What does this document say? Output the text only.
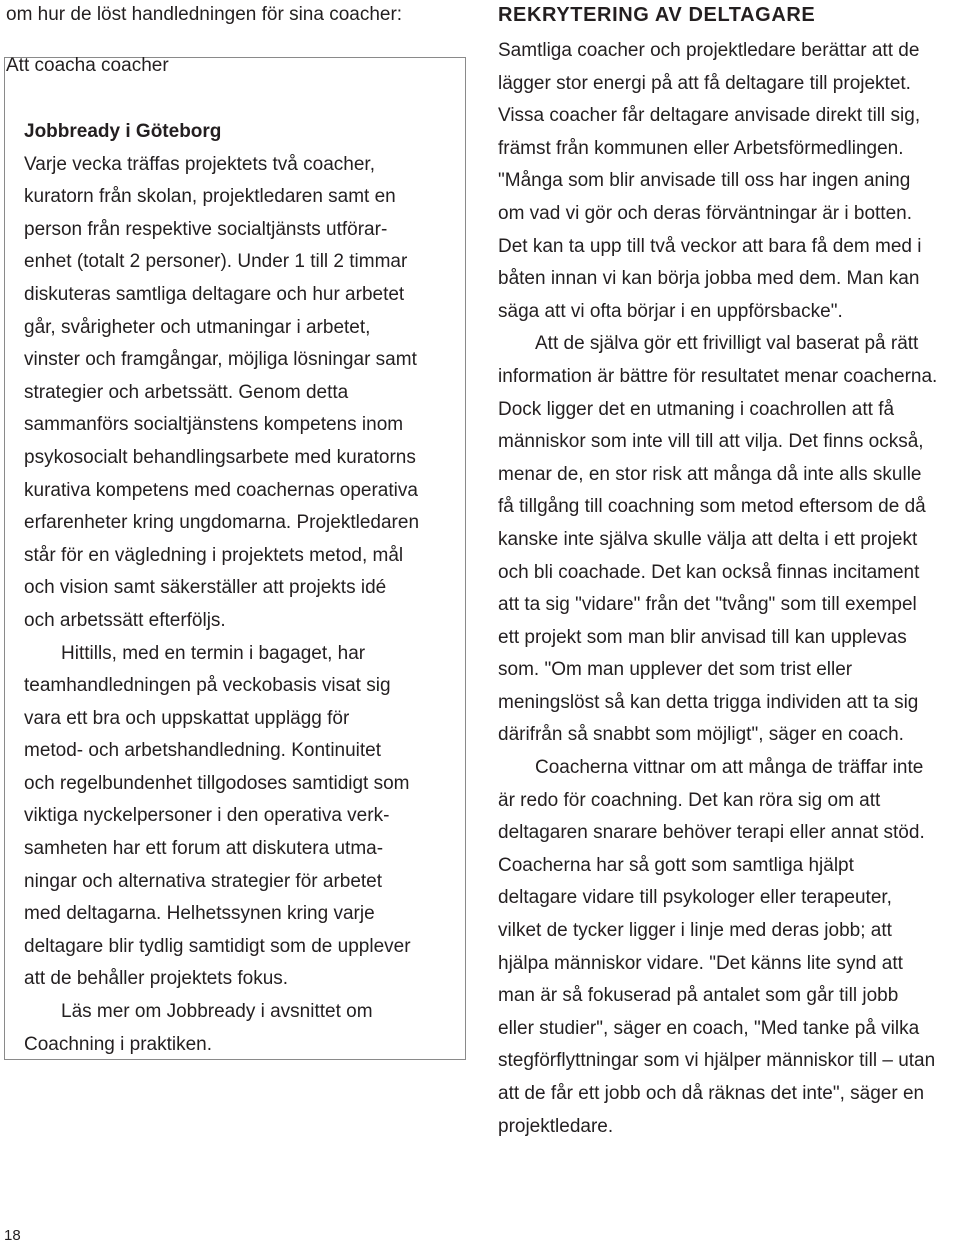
om hur de löst handledningen för sina coacher:
Att coacha coacher

Jobbready i Göteborg

Varje vecka träffas projektets två coacher,
kuratorn från skolan, projektledaren samt en
person från respektive socialtjänsts utförar-
enhet (totalt 2 personer). Under 1 till 2 timmar
diskuteras samtliga deltagare och hur arbetet
går, svårigheter och utmaningar i arbetet,
vinster och framgångar, möjliga lösningar samt
strategier och arbetssätt. Genom detta
sammanförs socialtjänstens kompetens inom
psykosocialt behandlingsarbete med kuratorns
kurativa kompetens med coachernas operativa
erfarenheter kring ungdomarna. Projektledaren
står för en vägledning i projektets metod, mål
och vision samt säkerställer att projekts idé
och arbetssätt efterföljs.

Hittills, med en termin i bagaget, har
teamhandledningen på veckobasis visat sig
vara ett bra och uppskattat upplägg för
metod- och arbetshandledning. Kontinuitet
och regelbundenhet tillgodoses samtidigt som
viktiga nyckelpersoner i den operativa verk-
samheten har ett forum att diskutera utma-
ningar och alternativa strategier för arbetet
med deltagarna. Helhetssynen kring varje
deltagare blir tydlig samtidigt som de upplever
att de behåller projektets fokus.

Läs mer om Jobbready i avsnittet om
Coachning i praktiken.

REKRYTERING AV DELTAGARE

Samtliga coacher och projektledare berättar att de
lägger stor energi på att få deltagare till projektet.
Vissa coacher får deltagare anvisade direkt till sig,
främst från kommunen eller Arbetsförmedlingen.
"Många som blir anvisade till oss har ingen aning
om vad vi gör och deras förväntningar är i botten.
Det kan ta upp till två veckor att bara få dem med i
båten innan vi kan börja jobba med dem. Man kan
säga att vi ofta börjar i en uppförsbacke".

Att de själva gör ett frivilligt val baserat på rätt
information är bättre för resultatet menar coacherna.
Dock ligger det en utmaning i coachrollen att få
människor som inte vill till att vilja. Det finns också,
menar de, en stor risk att många då inte alls skulle
få tillgång till coachning som metod eftersom de då
kanske inte själva skulle välja att delta i ett projekt
och bli coachade. Det kan också finnas incitament
att ta sig "vidare" från det "tvång" som till exempel
ett projekt som man blir anvisad till kan upplevas
som. "Om man upplever det som trist eller
meningslöst så kan detta trigga individen att ta sig
därifrån så snabbt som möjligt", säger en coach.

Coacherna vittnar om att många de träffar inte
är redo för coachning. Det kan röra sig om att
deltagaren snarare behöver terapi eller annat stöd.
Coacherna har så gott som samtliga hjälpt
deltagare vidare till psykologer eller terapeuter,
vilket de tycker ligger i linje med deras jobb; att
hjälpa människor vidare. "Det känns lite synd att
man är så fokuserad på antalet som går till jobb
eller studier", säger en coach, "Med tanke på vilka
stegförflyttningar som vi hjälper människor till – utan
att de får ett jobb och då räknas det inte", säger en
projektledare.

18
